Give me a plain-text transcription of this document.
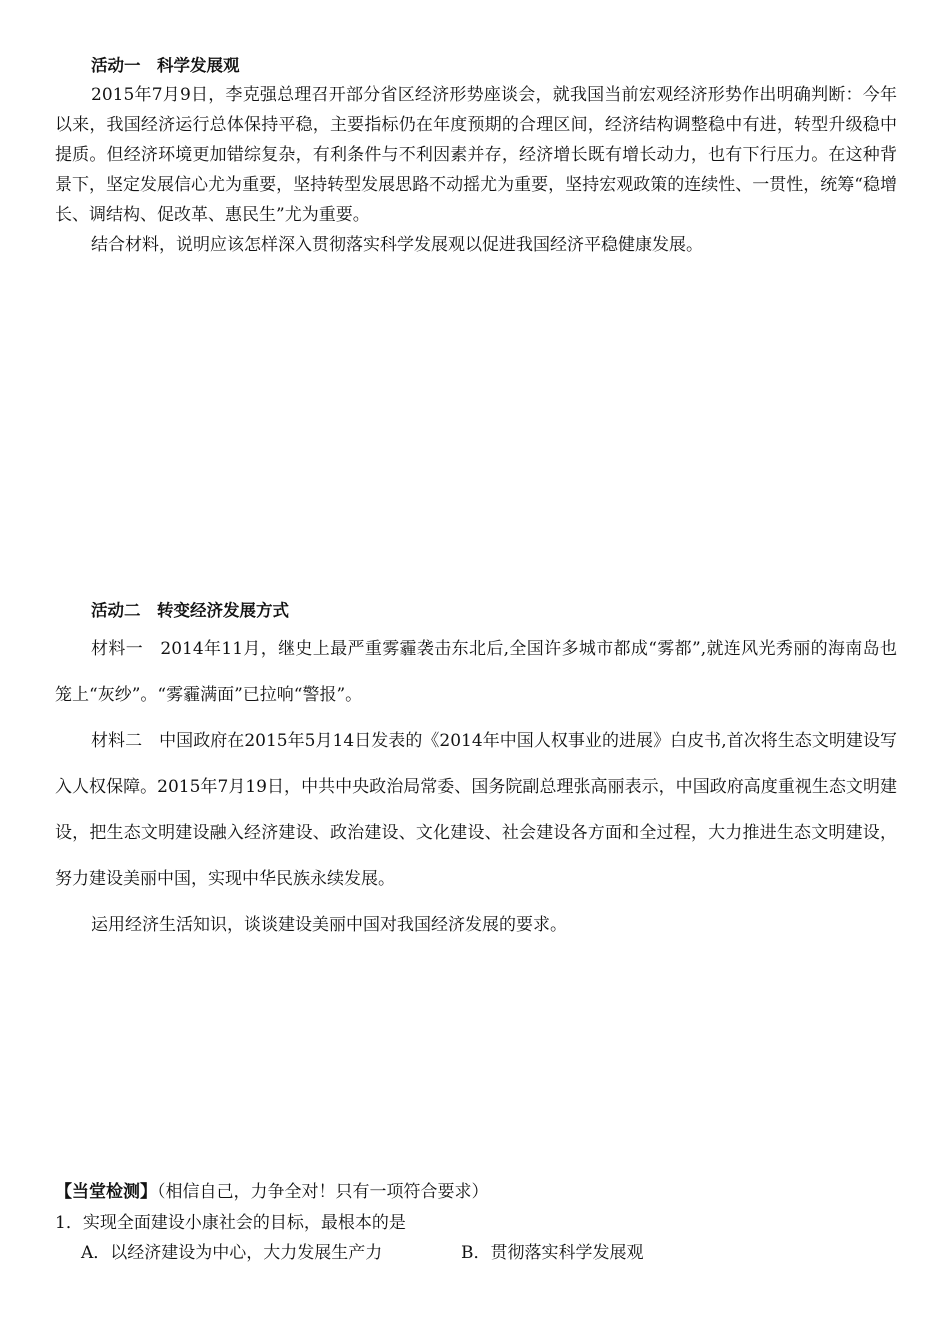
活动一　科学发展观

2015年7月9日，李克强总理召开部分省区经济形势座谈会，就我国当前宏观经济形势作出明确判断：今年以来，我国经济运行总体保持平稳，主要指标仍在年度预期的合理区间，经济结构调整稳中有进，转型升级稳中提质。但经济环境更加错综复杂，有利条件与不利因素并存，经济增长既有增长动力，也有下行压力。在这种背景下，坚定发展信心尤为重要，坚持转型发展思路不动摇尤为重要，坚持宏观政策的连续性、一贯性，统筹“稳增长、调结构、促改革、惠民生”尤为重要。

结合材料，说明应该怎样深入贯彻落实科学发展观以促进我国经济平稳健康发展。

活动二　转变经济发展方式

材料一　2014年11月，继史上最严重雾霾袭击东北后,全国许多城市都成“雾都”,就连风光秀丽的海南岛也笼上“灰纱”。“雾霾满面”已拉响“警报”。

材料二　中国政府在2015年5月14日发表的《2014年中国人权事业的进展》白皮书,首次将生态文明建设写入人权保障。2015年7月19日，中共中央政治局常委、国务院副总理张高丽表示，中国政府高度重视生态文明建设，把生态文明建设融入经济建设、政治建设、文化建设、社会建设各方面和全过程，大力推进生态文明建设，努力建设美丽中国，实现中华民族永续发展。

运用经济生活知识，谈谈建设美丽中国对我国经济发展的要求。

【当堂检测】（相信自己，力争全对！只有一项符合要求）
1．实现全面建设小康社会的目标，最根本的是
A．以经济建设为中心，大力发展生产力	B．贯彻落实科学发展观
